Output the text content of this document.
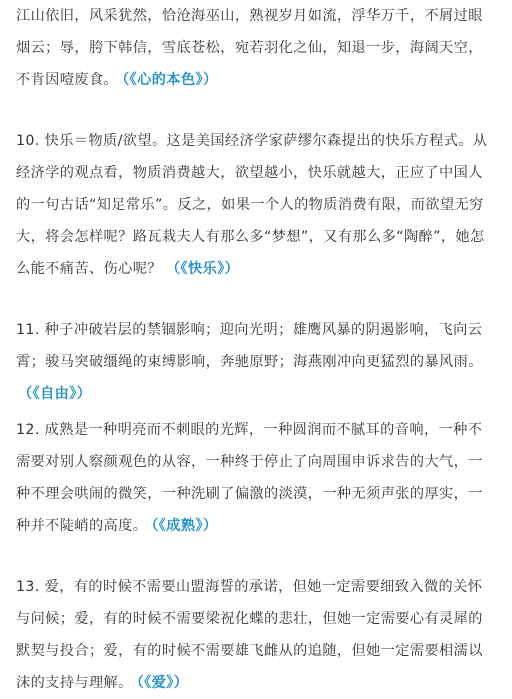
江山依旧，风采犹然，恰沧海巫山，熟视岁月如流，浮华万千，不屑过眼烟云；辱，胯下韩信，雪底苍松，宛若羽化之仙，知退一步，海阔天空，不肯因噎废食。 （《心的本色》）

10. 快乐＝物质/欲望。这是美国经济学家萨缪尔森提出的快乐方程式。从经济学的观点看，物质消费越大，欲望越小，快乐就越大，正应了中国人的一句古话“知足常乐”。反之，如果一个人的物质消费有限，而欲望无穷大，将会怎样呢？路瓦栽夫人有那么多“梦想”，又有那么多“陶醉”，她怎么能不痛苦、伤心呢？ （《快乐》）

11. 种子冲破岩层的禁锢影响；迎向光明；雄鹰风暴的阴遏影响，飞向云霄；骏马突破缰绳的束缚影响，奔驰原野；海燕刚冲向更猛烈的暴风雨。
（《自由》）

12. 成熟是一种明亮而不刺眼的光辉，一种圆润而不腻耳的音响，一种不需要对别人察颜观色的从容，一种终于停止了向周围申诉求告的大气，一种不理会哄闹的微笑，一种洗刷了偏激的淡漠，一种无须声张的厚实，一种并不陡峭的高度。 （《成熟》）

13. 爱，有的时候不需要山盟海誓的承诺，但她一定需要细致入微的关怀与问候；爱，有的时候不需要梁祝化蝶的悲壮，但她一定需要心有灵犀的默契与投合；爱，有的时候不需要雄飞雌从的追随，但她一定需要相濡以沫的支持与理解。 （《爱》）
